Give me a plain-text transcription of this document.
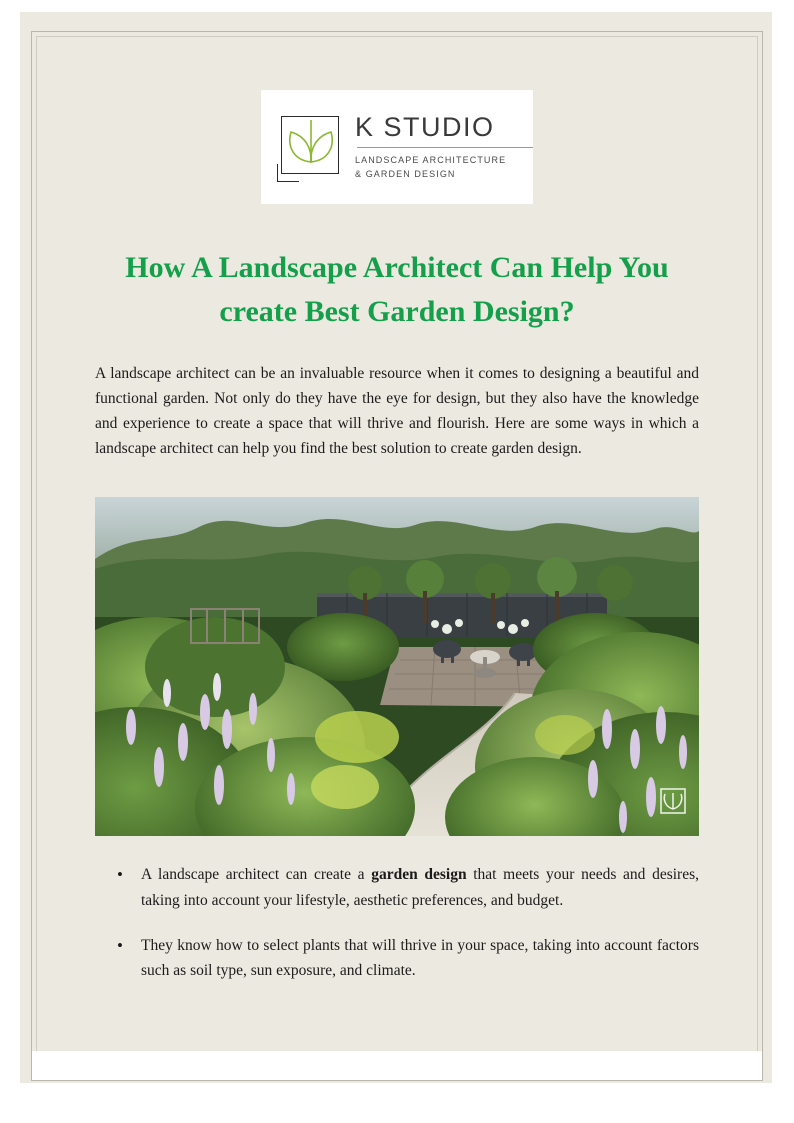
K STUDIO
LANDSCAPE ARCHITECTURE
& GARDEN DESIGN
How A Landscape Architect Can Help You create Best Garden Design?

A landscape architect can be an invaluable resource when it comes to designing a beautiful and functional garden. Not only do they have the eye for design, but they also have the knowledge and experience to create a space that will thrive and flourish. Here are some ways in which a landscape architect can help you find the best solution to create garden design.

• A landscape architect can create a garden design that meets your needs and desires, taking into account your lifestyle, aesthetic preferences, and budget.
• They know how to select plants that will thrive in your space, taking into account factors such as soil type, sun exposure, and climate.
